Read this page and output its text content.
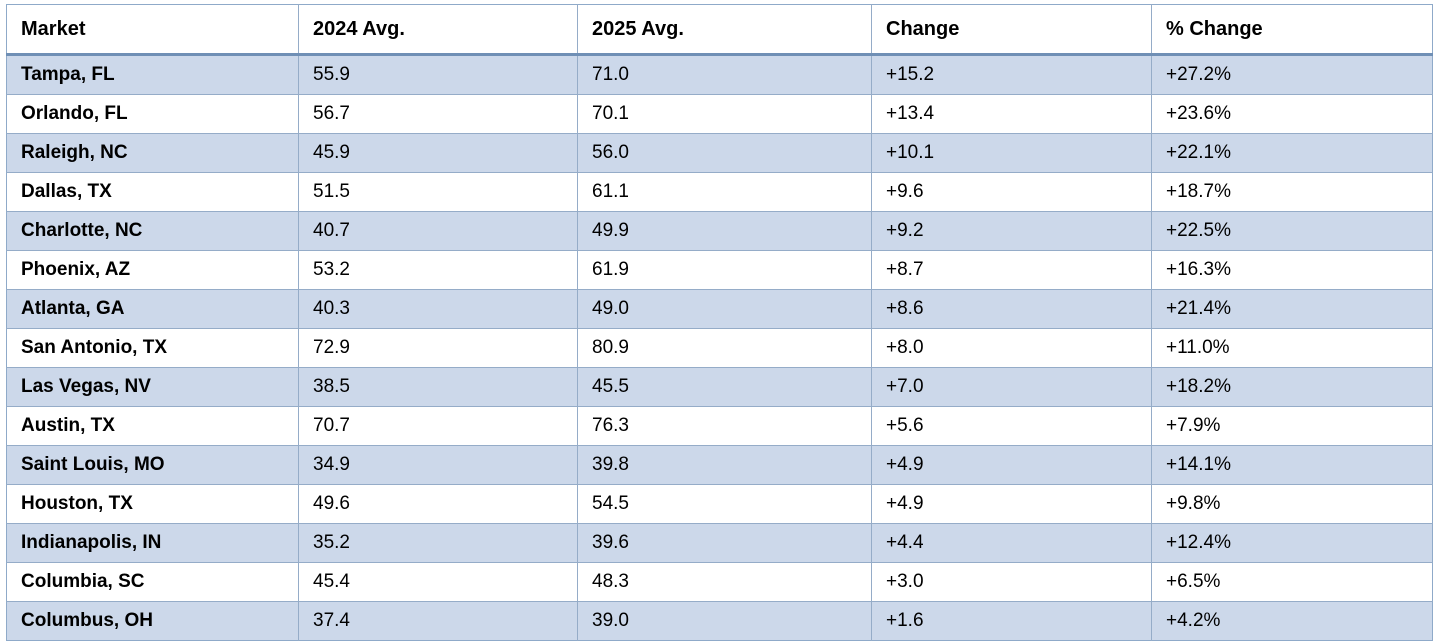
Market	2024 Avg.	2025 Avg.	Change	% Change
Tampa, FL	55.9	71.0	+15.2	+27.2%
Orlando, FL	56.7	70.1	+13.4	+23.6%
Raleigh, NC	45.9	56.0	+10.1	+22.1%
Dallas, TX	51.5	61.1	+9.6	+18.7%
Charlotte, NC	40.7	49.9	+9.2	+22.5%
Phoenix, AZ	53.2	61.9	+8.7	+16.3%
Atlanta, GA	40.3	49.0	+8.6	+21.4%
San Antonio, TX	72.9	80.9	+8.0	+11.0%
Las Vegas, NV	38.5	45.5	+7.0	+18.2%
Austin, TX	70.7	76.3	+5.6	+7.9%
Saint Louis, MO	34.9	39.8	+4.9	+14.1%
Houston, TX	49.6	54.5	+4.9	+9.8%
Indianapolis, IN	35.2	39.6	+4.4	+12.4%
Columbia, SC	45.4	48.3	+3.0	+6.5%
Columbus, OH	37.4	39.0	+1.6	+4.2%
